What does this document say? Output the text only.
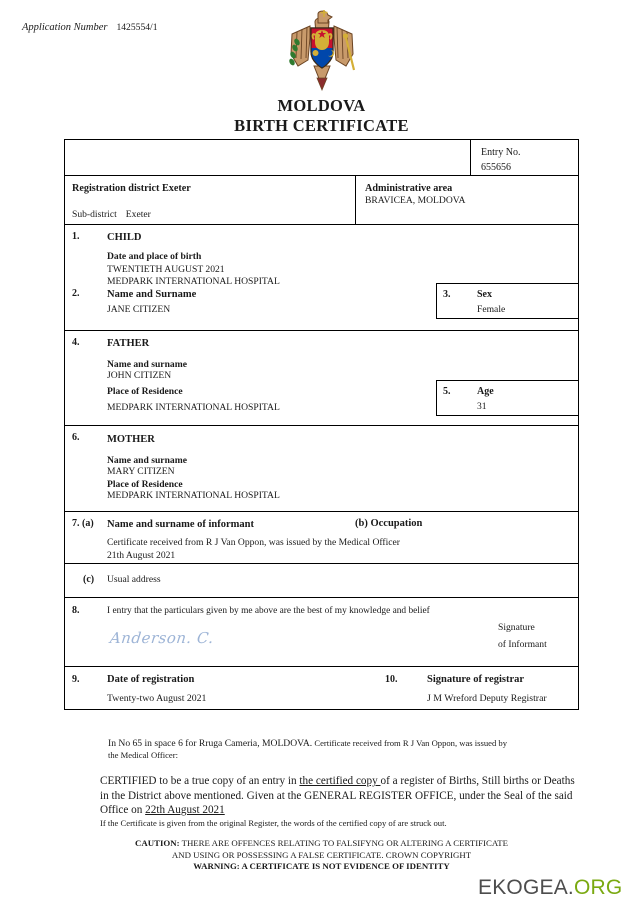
Application Number 1425554/1
MOLDOVA
BIRTH CERTIFICATE
Entry No.
655656
Registration district Exeter
Sub-district Exeter
Administrative area
BRAVICEA, MOLDOVA
1.	CHILD
Date and place of birth
TWENTIETH AUGUST 2021
MEDPARK INTERNATIONAL HOSPITAL
2.	Name and Surname
JANE CITIZEN
3.	Sex
Female
4.	FATHER
Name and surname
JOHN CITIZEN
Place of Residence
MEDPARK INTERNATIONAL HOSPITAL
5.	Age
31
6.	MOTHER
Name and surname
MARY CITIZEN
Place of Residence
MEDPARK INTERNATIONAL HOSPITAL
7. (a) Name and surname of informant	(b) Occupation
Certificate received from R J Van Oppon, was issued by the Medical Officer
21th August 2021
(c) Usual address
8.	I entry that the particulars given by me above are the best of my knowledge and belief
Anderson. C.
Signature
of Informant
9.	Date of registration
Twenty-two August 2021
10.	Signature of registrar
J M Wreford Deputy Registrar
In No 65 in space 6 for Rruga Cameria, MOLDOVA. Certificate received from R J Van Oppon, was issued by
the Medical Officer:
CERTIFIED to be a true copy of an entry in the certified copy of a register of Births, Still births or Deaths in the District above mentioned. Given at the GENERAL REGISTER OFFICE, under the Seal of the said Office on 22th August 2021
If the Certificate is given from the original Register, the words of the certified copy of are struck out.
CAUTION: THERE ARE OFFENCES RELATING TO FALSIFYNG OR ALTERING A CERTIFICATE
AND USING OR POSSESSING A FALSE CERTIFICATE. CROWN COPYRIGHT
WARNING: A CERTIFICATE IS NOT EVIDENCE OF IDENTITY
EKOGEA.ORG
